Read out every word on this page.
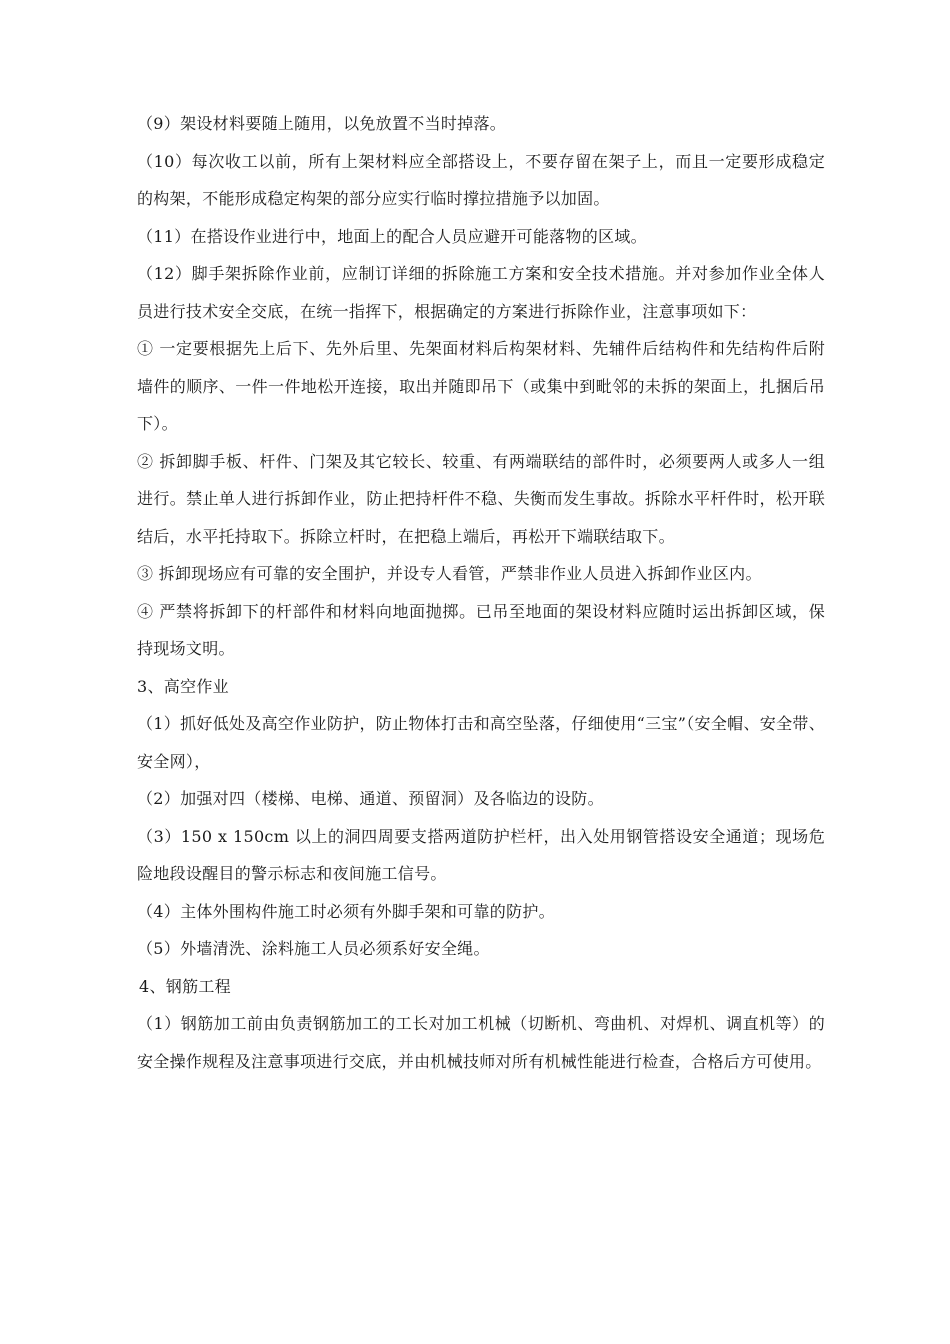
（9）架设材料要随上随用，以免放置不当时掉落。

（10）每次收工以前，所有上架材料应全部搭设上，不要存留在架子上，而且一定要形成稳定的构架，不能形成稳定构架的部分应实行临时撑拉措施予以加固。

（11）在搭设作业进行中，地面上的配合人员应避开可能落物的区域。

（12）脚手架拆除作业前，应制订详细的拆除施工方案和安全技术措施。并对参加作业全体人员进行技术安全交底，在统一指挥下，根据确定的方案进行拆除作业，注意事项如下：

① 一定要根据先上后下、先外后里、先架面材料后构架材料、先辅件后结构件和先结构件后附墙件的顺序、一件一件地松开连接，取出并随即吊下（或集中到毗邻的未拆的架面上，扎捆后吊下）。

② 拆卸脚手板、杆件、门架及其它较长、较重、有两端联结的部件时，必须要两人或多人一组进行。禁止单人进行拆卸作业，防止把持杆件不稳、失衡而发生事故。拆除水平杆件时，松开联结后，水平托持取下。拆除立杆时，在把稳上端后，再松开下端联结取下。

③ 拆卸现场应有可靠的安全围护，并设专人看管，严禁非作业人员进入拆卸作业区内。

④ 严禁将拆卸下的杆部件和材料向地面抛掷。已吊至地面的架设材料应随时运出拆卸区域，保持现场文明。

3、高空作业

（1）抓好低处及高空作业防护，防止物体打击和高空坠落，仔细使用“三宝”（安全帽、安全带、安全网），

（2）加强对四（楼梯、电梯、通道、预留洞）及各临边的设防。

（3）150 x 150cm 以上的洞四周要支搭两道防护栏杆，出入处用钢管搭设安全通道；现场危险地段设醒目的警示标志和夜间施工信号。

（4）主体外围构件施工时必须有外脚手架和可靠的防护。

（5）外墙清洗、涂料施工人员必须系好安全绳。

4、钢筋工程

（1）钢筋加工前由负责钢筋加工的工长对加工机械（切断机、弯曲机、对焊机、调直机等）的安全操作规程及注意事项进行交底，并由机械技师对所有机械性能进行检查，合格后方可使用。
